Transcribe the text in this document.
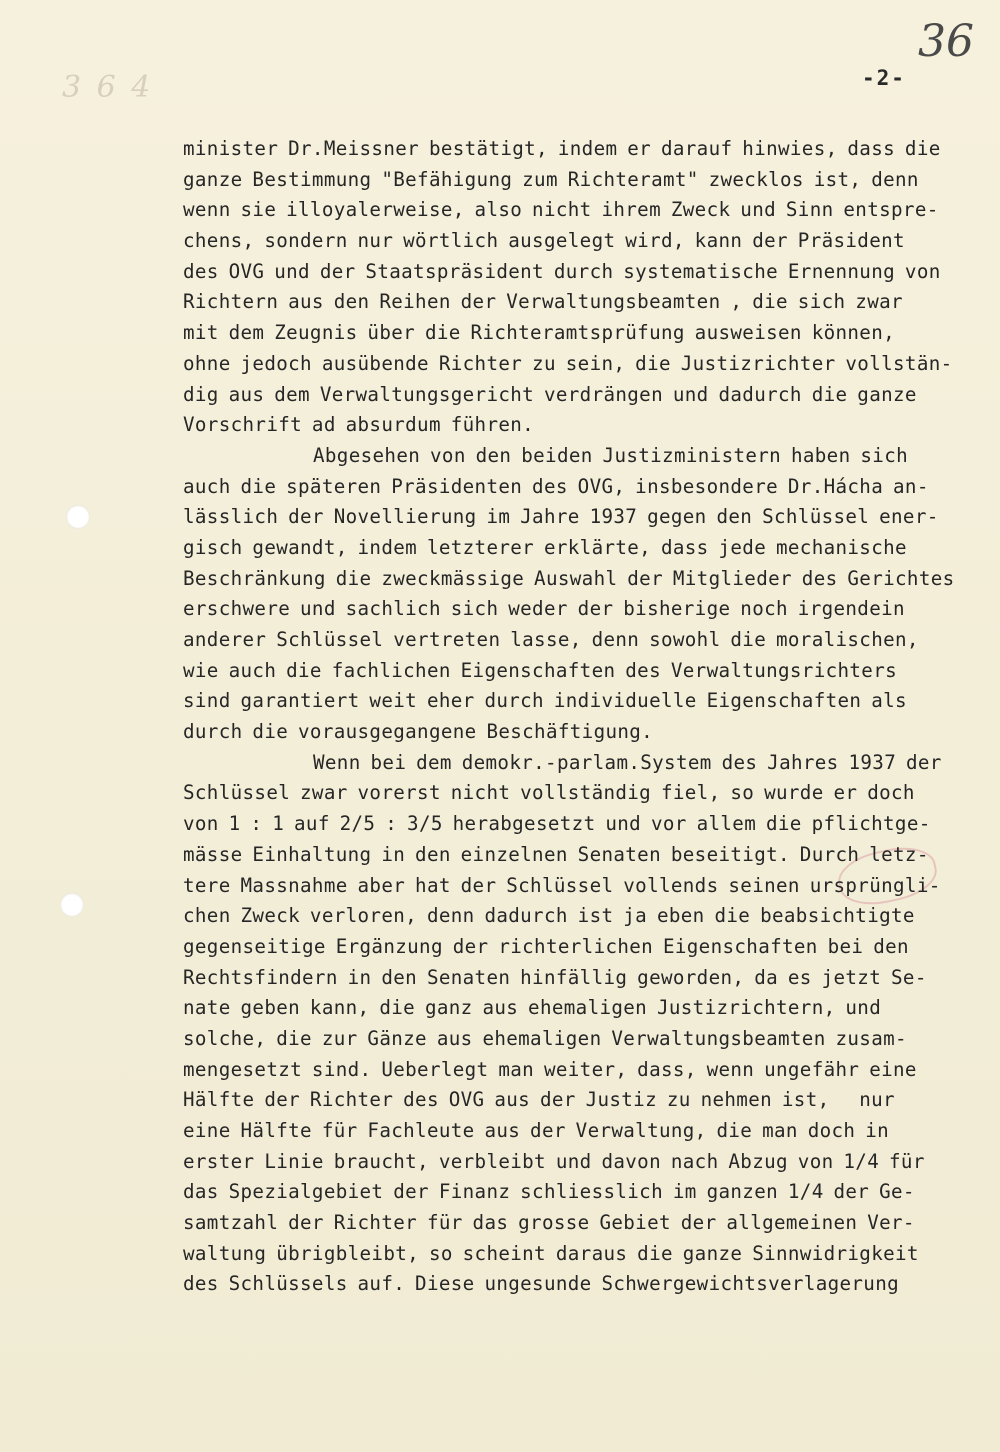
3 6 4
36
-2-
minister Dr.Meissner bestätigt, indem er darauf hinwies, dass die
ganze Bestimmung "Befähigung zum Richteramt" zwecklos ist, denn
wenn sie illoyalerweise, also nicht ihrem Zweck und Sinn entspre-
chens, sondern nur wörtlich ausgelegt wird, kann der Präsident
des OVG und der Staatspräsident durch systematische Ernennung von
Richtern aus den Reihen der Verwaltungsbeamten , die sich zwar
mit dem Zeugnis über die Richteramtsprüfung ausweisen können,
ohne jedoch ausübende Richter zu sein, die Justizrichter vollstän-
dig aus dem Verwaltungsgericht verdrängen und dadurch die ganze
Vorschrift ad absurdum führen.
Abgesehen von den beiden Justizministern haben sich
auch die späteren Präsidenten des OVG, insbesondere Dr.Hácha an-
lässlich der Novellierung im Jahre 1937 gegen den Schlüssel ener-
gisch gewandt, indem letzterer erklärte, dass jede mechanische
Beschränkung die zweckmässige Auswahl der Mitglieder des Gerichtes
erschwere und sachlich sich weder der bisherige noch irgendein
anderer Schlüssel vertreten lasse, denn sowohl die moralischen,
wie auch die fachlichen Eigenschaften des Verwaltungsrichters
sind garantiert weit eher durch individuelle Eigenschaften als
durch die vorausgegangene Beschäftigung.
Wenn bei dem demokr.-parlam.System des Jahres 1937 der
Schlüssel zwar vorerst nicht vollständig fiel, so wurde er doch
von 1 : 1 auf 2/5 : 3/5 herabgesetzt und vor allem die pflichtge-
mässe Einhaltung in den einzelnen Senaten beseitigt. Durch letz-
tere Massnahme aber hat der Schlüssel vollends seinen ursprüngli-
chen Zweck verloren, denn dadurch ist ja eben die beabsichtigte
gegenseitige Ergänzung der richterlichen Eigenschaften bei den
Rechtsfindern in den Senaten hinfällig geworden, da es jetzt Se-
nate geben kann, die ganz aus ehemaligen Justizrichtern, und
solche, die zur Gänze aus ehemaligen Verwaltungsbeamten zusam-
mengesetzt sind. Ueberlegt man weiter, dass, wenn ungefähr eine
Hälfte der Richter des OVG aus der Justiz zu nehmen ist,   nur
eine Hälfte für Fachleute aus der Verwaltung, die man doch in
erster Linie braucht, verbleibt und davon nach Abzug von 1/4 für
das Spezialgebiet der Finanz schliesslich im ganzen 1/4 der Ge-
samtzahl der Richter für das grosse Gebiet der allgemeinen Ver-
waltung übrigbleibt, so scheint daraus die ganze Sinnwidrigkeit
des Schlüssels auf. Diese ungesunde Schwergewichtsverlagerung
